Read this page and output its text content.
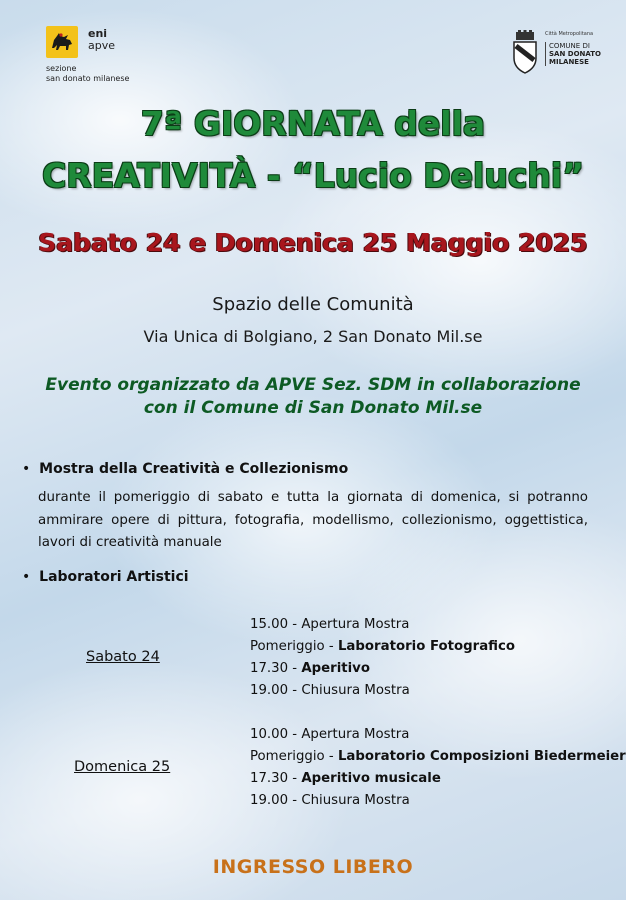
eni
apve
sezione
san donato milanese
Città Metropolitana
COMUNE DI
SAN DONATO
MILANESE
7ª GIORNATA della
CREATIVITÀ - “Lucio Deluchi”
Sabato 24 e Domenica 25 Maggio 2025
Spazio delle Comunità
Via Unica di Bolgiano, 2 San Donato Mil.se
Evento organizzato da APVE Sez. SDM in collaborazione
con il Comune di San Donato Mil.se
•  Mostra della Creatività e Collezionismo
durante il pomeriggio di sabato e tutta la giornata di domenica, si potranno ammirare opere di pittura, fotografia, modellismo, collezionismo, oggettistica, lavori di creatività manuale
•  Laboratori Artistici
Sabato 24
15.00 - Apertura Mostra
Pomeriggio - Laboratorio Fotografico
17.30 - Aperitivo
19.00 - Chiusura Mostra
Domenica 25
10.00 - Apertura Mostra
Pomeriggio - Laboratorio Composizioni Biedermeier
17.30 - Aperitivo musicale
19.00 - Chiusura Mostra
INGRESSO LIBERO
